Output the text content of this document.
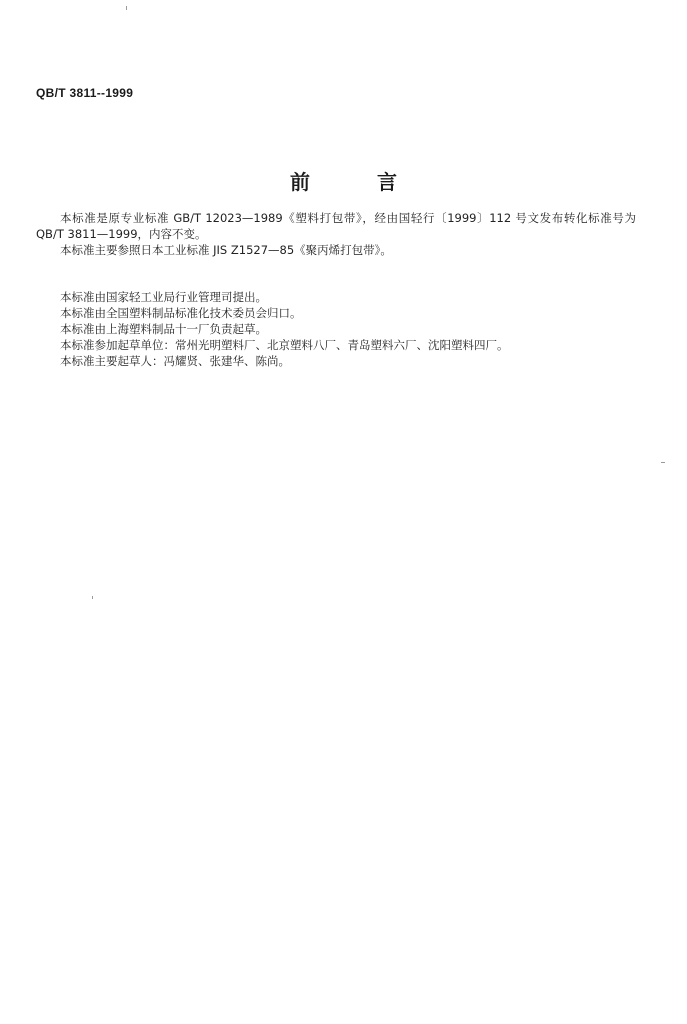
QB/T 3811--1999
前 言

本标准是原专业标准 GB/T 12023—1989《塑料打包带》，经由国轻行〔1999〕112 号文发布转化标准号为 QB/T 3811—1999，内容不变。

本标准主要参照日本工业标准 JIS Z1527—85《聚丙烯打包带》。

本标准由国家轻工业局行业管理司提出。

本标准由全国塑料制品标准化技术委员会归口。

本标准由上海塑料制品十一厂负责起草。

本标准参加起草单位：常州光明塑料厂、北京塑料八厂、青岛塑料六厂、沈阳塑料四厂。

本标准主要起草人：冯耀贤、张建华、陈尚。
